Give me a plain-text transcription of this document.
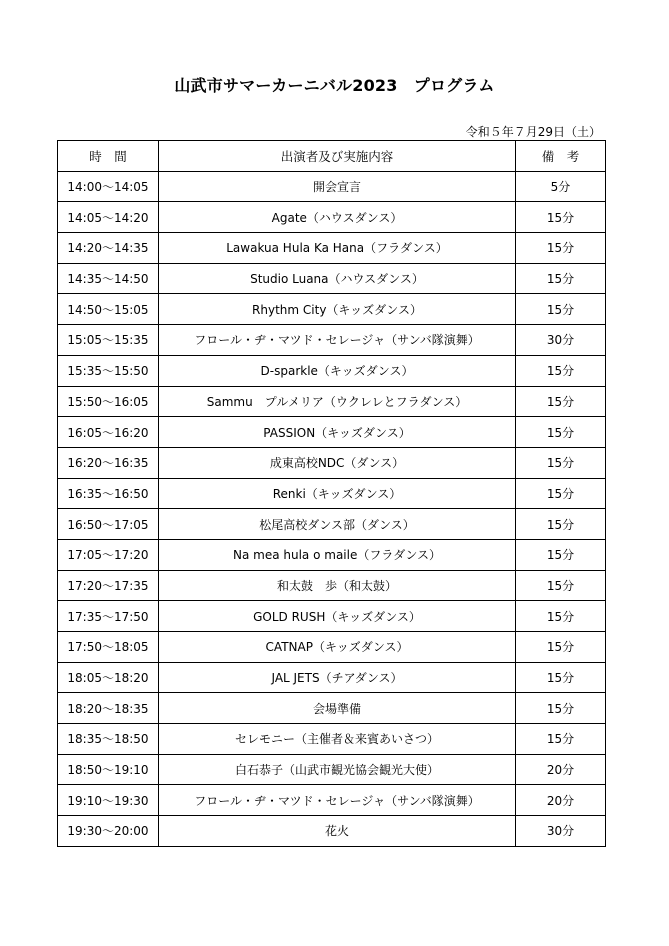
山武市サマーカーニバル2023　プログラム
令和５年７月29日（土）
時　間	出演者及び実施内容	備　考
14:00～14:05	開会宣言	5分
14:05～14:20	Agate（ハウスダンス）	15分
14:20～14:35	Lawakua Hula Ka Hana（フラダンス）	15分
14:35～14:50	Studio Luana（ハウスダンス）	15分
14:50～15:05	Rhythm City（キッズダンス）	15分
15:05～15:35	フロール・ヂ・マツド・セレージャ（サンバ隊演舞）	30分
15:35～15:50	D-sparkle（キッズダンス）	15分
15:50～16:05	Sammu　プルメリア（ウクレレとフラダンス）	15分
16:05～16:20	PASSION（キッズダンス）	15分
16:20～16:35	成東高校NDC（ダンス）	15分
16:35～16:50	Renki（キッズダンス）	15分
16:50～17:05	松尾高校ダンス部（ダンス）	15分
17:05～17:20	Na mea hula o maile（フラダンス）	15分
17:20～17:35	和太鼓　歩（和太鼓）	15分
17:35～17:50	GOLD RUSH（キッズダンス）	15分
17:50～18:05	CATNAP（キッズダンス）	15分
18:05～18:20	JAL JETS（チアダンス）	15分
18:20～18:35	会場準備	15分
18:35～18:50	セレモニー（主催者＆来賓あいさつ）	15分
18:50～19:10	白石恭子（山武市観光協会観光大使）	20分
19:10～19:30	フロール・ヂ・マツド・セレージャ（サンバ隊演舞）	20分
19:30～20:00	花火	30分
